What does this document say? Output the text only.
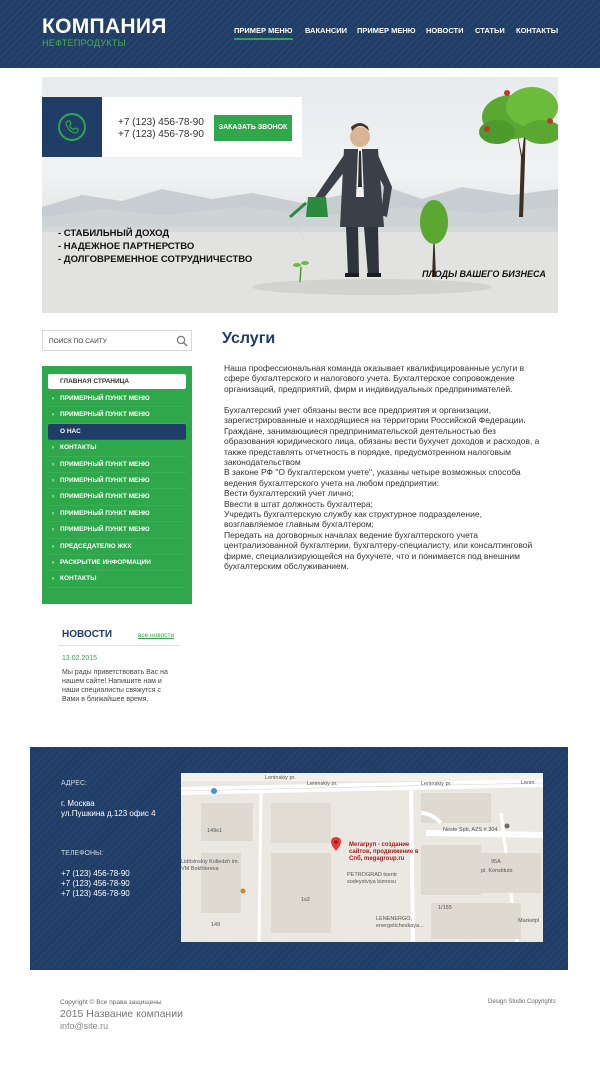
КОМПАНИЯ
НЕФТЕПРОДУКТЫ
ПРИМЕР МЕНЮ ВАКАНСИИ ПРИМЕР МЕНЮ НОВОСТИ СТАТЬИ КОНТАКТЫ
+7 (123) 456-78-90
+7 (123) 456-78-90
ЗАКАЗАТЬ ЗВОНОК
- СТАБИЛЬНЫЙ ДОХОД
- НАДЕЖНОЕ ПАРТНЕРСТВО
- ДОЛГОВРЕМЕННОЕ СОТРУДНИЧЕСТВО
ПЛОДЫ ВАШЕГО БИЗНЕСА
ПОИСК ПО САЙТУ
ГЛАВНАЯ СТРАНИЦА
› ПРИМЕРНЫЙ ПУНКТ МЕНЮ
› ПРИМЕРНЫЙ ПУНКТ МЕНЮ
О НАС
› КОНТАКТЫ
› ПРИМЕРНЫЙ ПУНКТ МЕНЮ
› ПРИМЕРНЫЙ ПУНКТ МЕНЮ
› ПРИМЕРНЫЙ ПУНКТ МЕНЮ
› ПРИМЕРНЫЙ ПУНКТ МЕНЮ
› ПРИМЕРНЫЙ ПУНКТ МЕНЮ
› ПРЕДСЕДАТЕЛЮ ЖКХ
› РАСКРЫТИЕ ИНФОРМАЦИИ
› КОНТАКТЫ
НОВОСТИ	все новости
13.02.2015
Мы рады приветствовать Вас на нашем сайте! Напишите нам и наши специалисты свяжутся с Вами в ближайшее время.
Услуги
Наша профессиональная команда оказывает квалифицированные услуги в сфере бухгалтерского и налогового учета. Бухгалтерское сопровождение организаций, предприятий, фирм и индивидуальных предпринимателей.
Бухгалтерский учет обязаны вести все предприятия и организации, зарегистрированные и находящиеся на территории Российской Федерации. Граждане, занимающиеся предпринимательской деятельностью без образования юридического лица, обязаны вести бухучет доходов и расходов, а также представлять отчетность в порядке, предусмотренном налоговым законодательством
В законе РФ "О бухгалтерском учете", указаны четыре возможных способа ведения бухгалтерского учета на любом предприятии:
Вести бухгалтерский учет лично;
Ввести в штат должность бухгалтера;
Учредить бухгалтерскую службу как структурное подразделение, возглавляемое главным бухгалтером;
Передать на договорных началах ведение бухгалтерского учета централизованной бухгалтерии, бухгалтеру-специалисту, или консалтинговой фирме, специализирующейся на бухучете, что и понимается под внешним бухгалтерским обслуживанием.
АДРЕС:
г. Москва
ул.Пушкина д.123 офис 4
ТЕЛЕФОНЫ:
+7 (123) 456-78-90
+7 (123) 456-78-90
+7 (123) 456-78-90
Leninskiy pr.
Leninskiy pr.	Lenin
Leninskiy pr.
pl. Konstituts
Neste Spb, AZS # 304
149s1
Liditsinskiy Kolledzh im. VM Bekhtereva
PETROGRAD tsentr sodeystviya biznesu
LENENERGO, energeticheskaya...
Marketpl
1/155
95A
1s2
149
Мегагруп - создание сайтов, продвижение в Спб, megagroup.ru
Copyright © Все права защищены
2015 Название компании
info@site.ru
Design Studio Copyrights
